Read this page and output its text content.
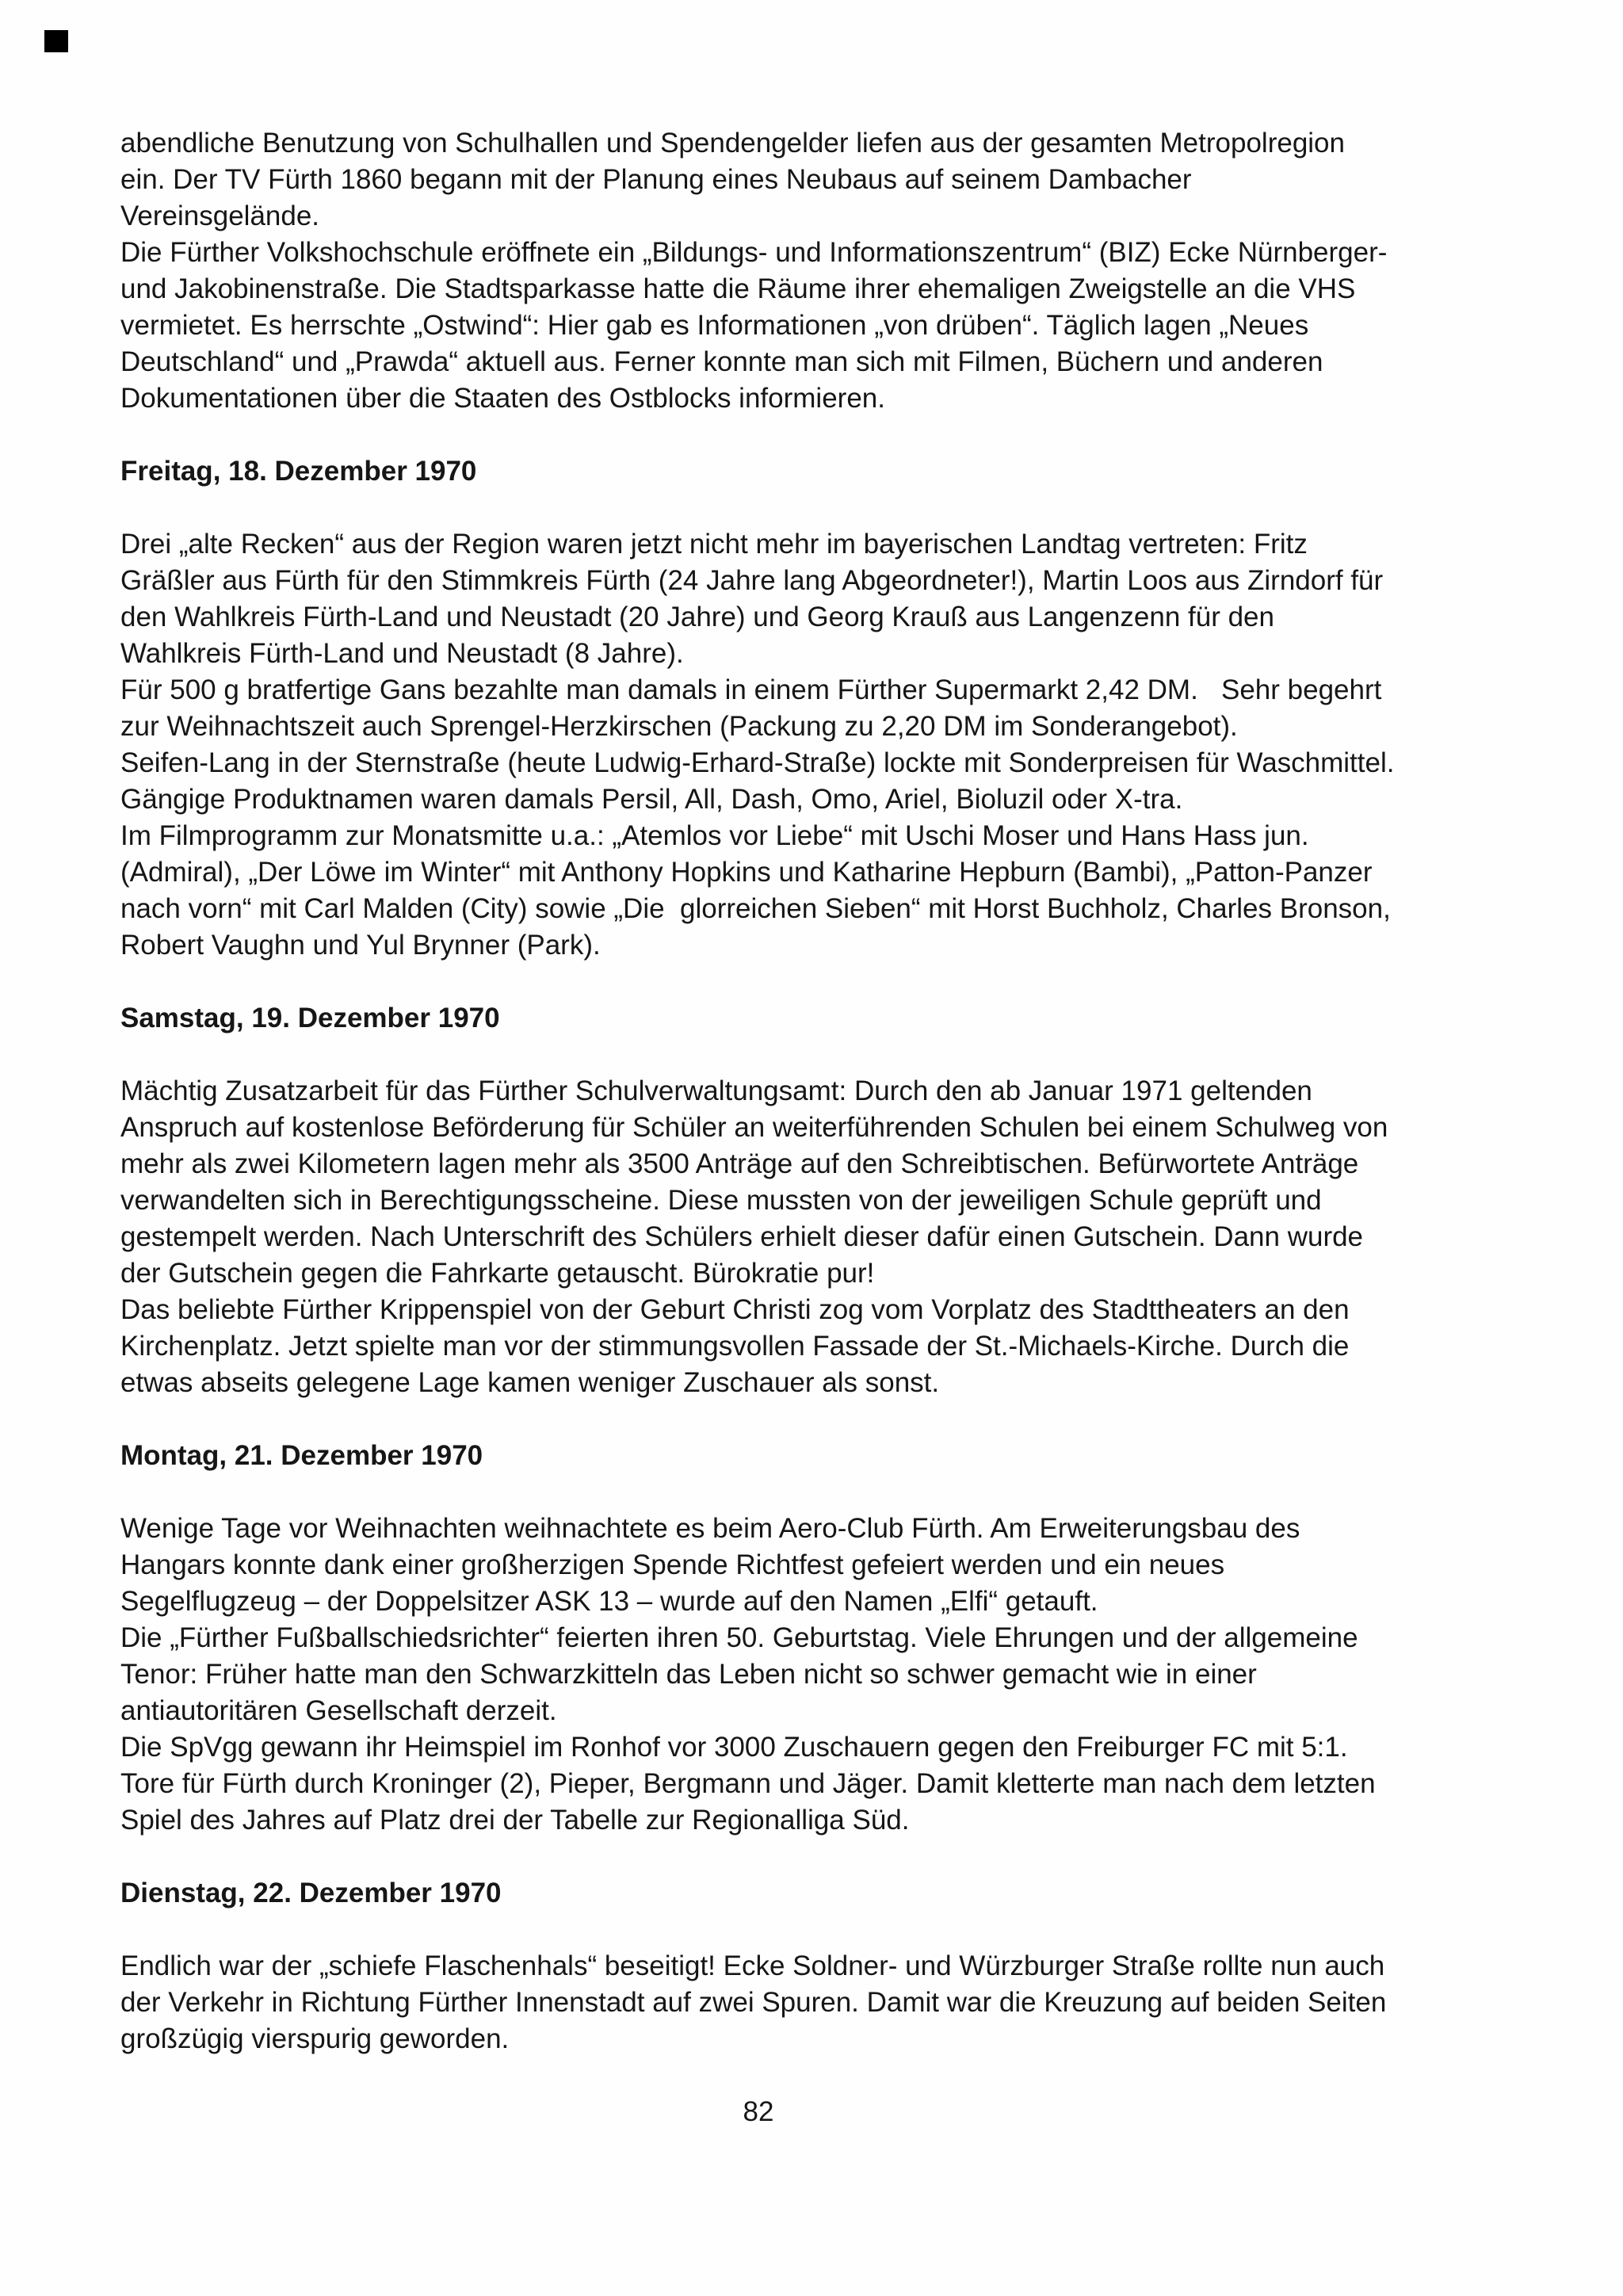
abendliche Benutzung von Schulhallen und Spendengelder liefen aus der gesamten Metropolregion ein. Der TV Fürth 1860 begann mit der Planung eines Neubaus auf seinem Dambacher Vereinsgelände.

Die Fürther Volkshochschule eröffnete ein „Bildungs- und Informationszentrum“ (BIZ) Ecke Nürnberger- und Jakobinenstraße. Die Stadtsparkasse hatte die Räume ihrer ehemaligen Zweigstelle an die VHS vermietet. Es herrschte „Ostwind“: Hier gab es Informationen „von drüben“. Täglich lagen „Neues Deutschland“ und „Prawda“ aktuell aus. Ferner konnte man sich mit Filmen, Büchern und anderen Dokumentationen über die Staaten des Ostblocks informieren.

Freitag, 18. Dezember 1970

Drei „alte Recken“ aus der Region waren jetzt nicht mehr im bayerischen Landtag vertreten: Fritz Gräßler aus Fürth für den Stimmkreis Fürth (24 Jahre lang Abgeordneter!), Martin Loos aus Zirndorf für den Wahlkreis Fürth-Land und Neustadt (20 Jahre) und Georg Krauß aus Langenzenn für den Wahlkreis Fürth-Land und Neustadt (8 Jahre).

Für 500 g bratfertige Gans bezahlte man damals in einem Fürther Supermarkt 2,42 DM.   Sehr begehrt zur Weihnachtszeit auch Sprengel-Herzkirschen (Packung zu 2,20 DM im Sonderangebot).

Seifen-Lang in der Sternstraße (heute Ludwig-Erhard-Straße) lockte mit Sonderpreisen für Waschmittel. Gängige Produktnamen waren damals Persil, All, Dash, Omo, Ariel, Bioluzil oder X-tra.

Im Filmprogramm zur Monatsmitte u.a.: „Atemlos vor Liebe“ mit Uschi Moser und Hans Hass jun. (Admiral), „Der Löwe im Winter“ mit Anthony Hopkins und Katharine Hepburn (Bambi), „Patton-Panzer nach vorn“ mit Carl Malden (City) sowie „Die  glorreichen Sieben“ mit Horst Buchholz, Charles Bronson, Robert Vaughn und Yul Brynner (Park).

Samstag, 19. Dezember 1970

Mächtig Zusatzarbeit für das Fürther Schulverwaltungsamt: Durch den ab Januar 1971 geltenden Anspruch auf kostenlose Beförderung für Schüler an weiterführenden Schulen bei einem Schulweg von mehr als zwei Kilometern lagen mehr als 3500 Anträge auf den Schreibtischen. Befürwortete Anträge verwandelten sich in Berechtigungsscheine. Diese mussten von der jeweiligen Schule geprüft und gestempelt werden. Nach Unterschrift des Schülers erhielt dieser dafür einen Gutschein. Dann wurde der Gutschein gegen die Fahrkarte getauscht. Bürokratie pur!

Das beliebte Fürther Krippenspiel von der Geburt Christi zog vom Vorplatz des Stadttheaters an den Kirchenplatz. Jetzt spielte man vor der stimmungsvollen Fassade der St.-Michaels-Kirche. Durch die etwas abseits gelegene Lage kamen weniger Zuschauer als sonst.

Montag, 21. Dezember 1970

Wenige Tage vor Weihnachten weihnachtete es beim Aero-Club Fürth. Am Erweiterungsbau des Hangars konnte dank einer großherzigen Spende Richtfest gefeiert werden und ein neues Segelflugzeug – der Doppelsitzer ASK 13 – wurde auf den Namen „Elfi“ getauft.

Die „Fürther Fußballschiedsrichter“ feierten ihren 50. Geburtstag. Viele Ehrungen und der allgemeine Tenor: Früher hatte man den Schwarzkitteln das Leben nicht so schwer gemacht wie in einer antiautoritären Gesellschaft derzeit.

Die SpVgg gewann ihr Heimspiel im Ronhof vor 3000 Zuschauern gegen den Freiburger FC mit 5:1. Tore für Fürth durch Kroninger (2), Pieper, Bergmann und Jäger. Damit kletterte man nach dem letzten Spiel des Jahres auf Platz drei der Tabelle zur Regionalliga Süd.

Dienstag, 22. Dezember 1970

Endlich war der „schiefe Flaschenhals“ beseitigt! Ecke Soldner- und Würzburger Straße rollte nun auch der Verkehr in Richtung Fürther Innenstadt auf zwei Spuren. Damit war die Kreuzung auf beiden Seiten großzügig vierspurig geworden.

82
